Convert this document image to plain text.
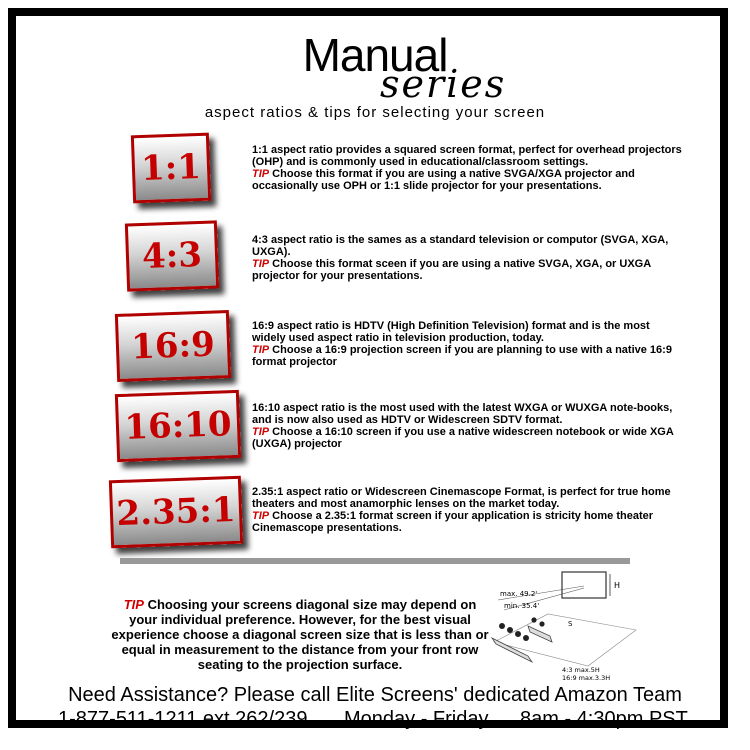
Manual
series
aspect ratios & tips for selecting your screen
1:1	1:1 aspect ratio provides a squared screen format, perfect for overhead projectors (OHP) and is commonly used in educational/classroom settings.
TIP Choose this format if you are using a native SVGA/XGA projector and occasionally use OPH or 1:1 slide projector for your presentations.
4:3	4:3 aspect ratio is the sames as a standard television or computor (SVGA, XGA, UXGA).
TIP Choose this format sceen if you are using a native SVGA, XGA, or UXGA projector for your presentations.
16:9	16:9 aspect ratio is HDTV (High Definition Television) format and is the most widely used aspect ratio in television production, today.
TIP Choose a 16:9 projection screen if you are planning to use with a native 16:9 format projector
16:10 16:10 aspect ratio is the most used with the latest WXGA or WUXGA note-books, and is now also used as HDTV or Widescreen SDTV format.
TIP Choose a 16:10 screen if you use a native widescreen notebook or wide XGA (UXGA) projector
2.35:1 2.35:1 aspect ratio or Widescreen Cinemascope Format, is perfect for true home theaters and most anamorphic lenses on the market today.
TIP Choose a 2.35:1 format screen if your application is stricity home theater Cinemascope presentations.
TIP Choosing your screens diagonal size may depend on your individual preference. However, for the best visual experience choose a diagonal screen size that is less than or equal in measurement to the distance from your front row seating to the projection surface.
H
max. 49.2'
min. 35.4'
S
4:3 max.5H
16:9 max.3.3H
Need Assistance? Please call Elite Screens' dedicated Amazon Team
1-877-511-1211 ext 262/239 Monday - Friday 8am - 4:30pm PST
